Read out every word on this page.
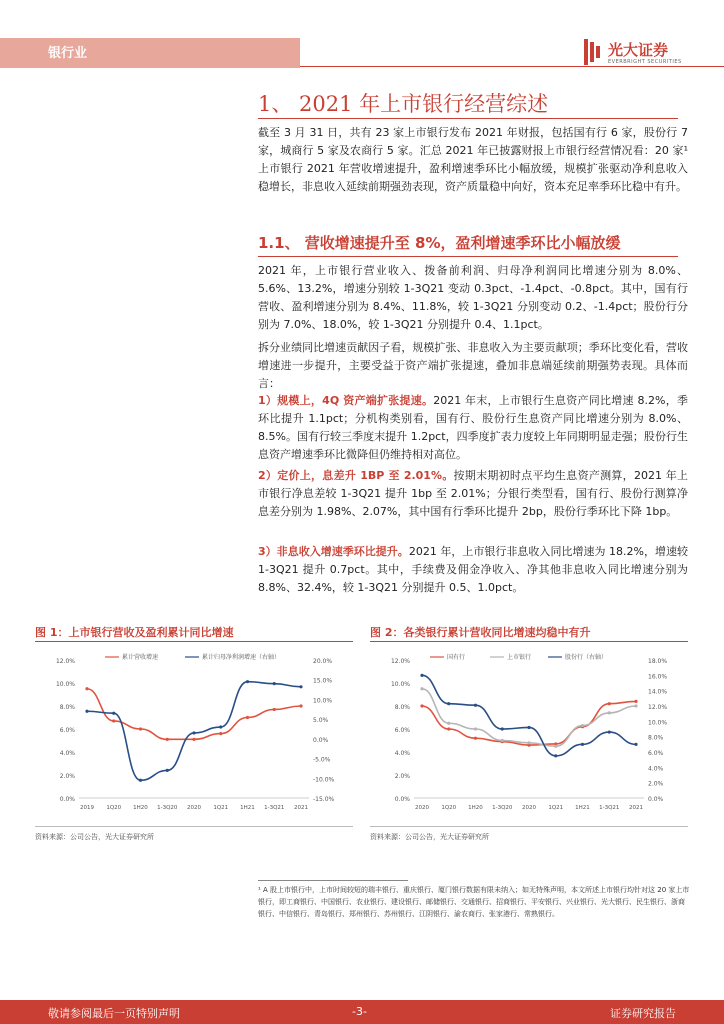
银行业	光大证券
EVERBRIGHT SECURITIES
1、 2021 年上市银行经营综述

截至 3 月 31 日，共有 23 家上市银行发布 2021 年财报，包括国有行 6 家，股份行 7 家，城商行 5 家及农商行 5 家。汇总 2021 年已披露财报上市银行经营情况看：20 家¹上市银行 2021 年营收增速提升，盈利增速季环比小幅放缓，规模扩张驱动净利息收入稳增长，非息收入延续前期强劲表现，资产质量稳中向好，资本充足率季环比稳中有升。

1.1、 营收增速提升至 8%，盈利增速季环比小幅放缓

2021 年，上市银行营业收入、拨备前利润、归母净利润同比增速分别为 8.0%、5.6%、13.2%，增速分别较 1-3Q21 变动 0.3pct、-1.4pct、-0.8pct。其中，国有行营收、盈利增速分别为 8.4%、11.8%，较 1-3Q21 分别变动 0.2、-1.4pct；股份行分别为 7.0%、18.0%，较 1-3Q21 分别提升 0.4、1.1pct。

拆分业绩同比增速贡献因子看，规模扩张、非息收入为主要贡献项；季环比变化看，营收增速进一步提升，主要受益于资产端扩张提速，叠加非息端延续前期强势表现。具体而言：

1）规模上，4Q 资产端扩张提速。2021 年末，上市银行生息资产同比增速 8.2%，季环比提升 1.1pct；分机构类别看，国有行、股份行生息资产同比增速分别为 8.0%、8.5%。国有行较三季度末提升 1.2pct，四季度扩表力度较上年同期明显走强；股份行生息资产增速季环比微降但仍维持相对高位。

2）定价上，息差升 1BP 至 2.01%。按期末期初时点平均生息资产测算，2021 年上市银行净息差较 1-3Q21 提升 1bp 至 2.01%；分银行类型看，国有行、股份行测算净息差分别为 1.98%、2.07%，其中国有行季环比提升 2bp，股份行季环比下降 1bp。

3）非息收入增速季环比提升。2021 年，上市银行非息收入同比增速为 18.2%，增速较 1-3Q21 提升 0.7pct。其中，手续费及佣金净收入、净其他非息收入同比增速分别为 8.8%、32.4%，较 1-3Q21 分别提升 0.5、1.0pct。

图 1：上市银行营收及盈利累计同比增速
0.0%
2.0%
4.0%
6.0%
8.0%
10.0%
12.0%
-15.0%
-10.0%
-5.0%
0.0%
5.0%
10.0%
15.0%
20.0%
2019 1Q20 1H20 1-3Q20 2020 1Q21 1H21 1-3Q21 2021
累计营收增速	累计归母净利润增速（右轴）
资料来源：公司公告，光大证券研究所
图 2：各类银行累计营收同比增速均稳中有升
0.0%
2.0%
4.0%
6.0%
8.0%
10.0%
12.0%
0.0%
2.0%
4.0%
6.0%
8.0%
10.0%
12.0%
14.0%
16.0%
18.0%
2020 1Q20 1H20 1-3Q20 2020 1Q21 1H21 1-3Q21 2021
国有行	上市银行	股份行（右轴）
资料来源：公司公告，光大证券研究所

¹ A 股上市银行中，上市时间较短的瑞丰银行、重庆银行、厦门银行数据有限未纳入；如无特殊声明，本文所述上市银行均针对这 20 家上市银行，即工商银行、中国银行、农业银行、建设银行、邮储银行、交通银行、招商银行、平安银行、兴业银行、光大银行、民生银行、浙商银行、中信银行、青岛银行、郑州银行、苏州银行、江阴银行、渝农商行、张家港行、常熟银行。

敬请参阅最后一页特别声明	-3-	证券研究报告
